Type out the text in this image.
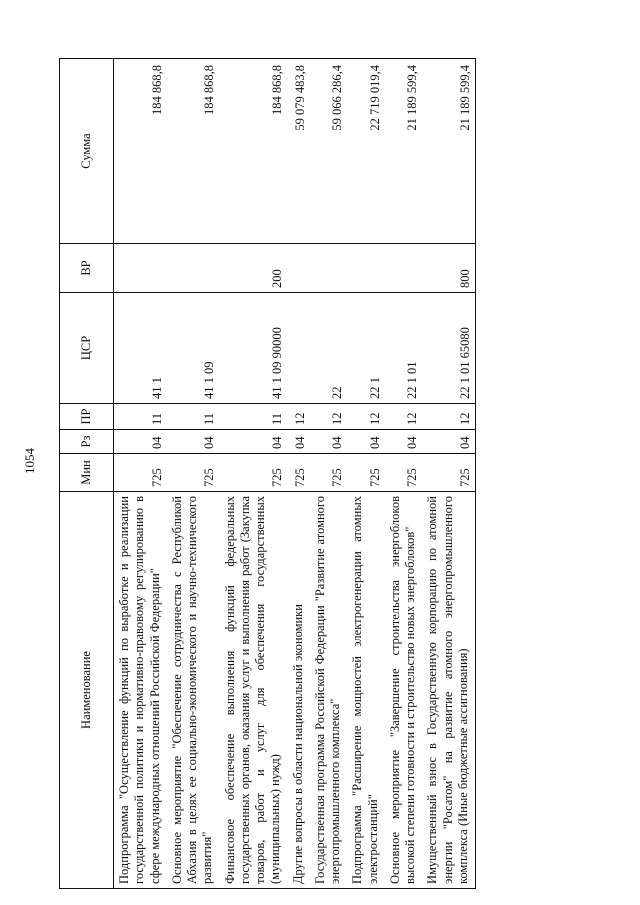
1054
Наименование	Мин	Рз	ПР	ЦСР	ВР	Сумма
Подпрограмма "Осуществление функций по выработке и реализации государственной политики и нормативно-правовому регулированию в сфере международных отношений Российской Федерации"	725	04	11	41 1		184 868,8
Основное мероприятие "Обеспечение сотрудничества с Республикой Абхазия в целях ее социально-экономического и научно-технического развития"	725	04	11	41 1 09		184 868,8
Финансовое обеспечение выполнения функций федеральных государственных органов, оказания услуг и выполнения работ (Закупка товаров, работ и услуг для обеспечения государственных (муниципальных) нужд)	725	04	11	41 1 09 90000	200	184 868,8
Другие вопросы в области национальной экономики	725	04	12			59 079 483,8
Государственная программа Российской Федерации "Развитие атомного энергопромышленного комплекса"	725	04	12	22		59 066 286,4
Подпрограмма "Расширение мощностей электрогенерации атомных электростанций"	725	04	12	22 1		22 719 019,4
Основное мероприятие "Завершение строительства энергоблоков высокой степени готовности и строительство новых энергоблоков"	725	04	12	22 1 01		21 189 599,4
Имущественный взнос в Государственную корпорацию по атомной энергии "Росатом" на развитие атомного энергопромышленного комплекса (Иные бюджетные ассигнования)	725	04	12	22 1 01 65080	800	21 189 599,4
